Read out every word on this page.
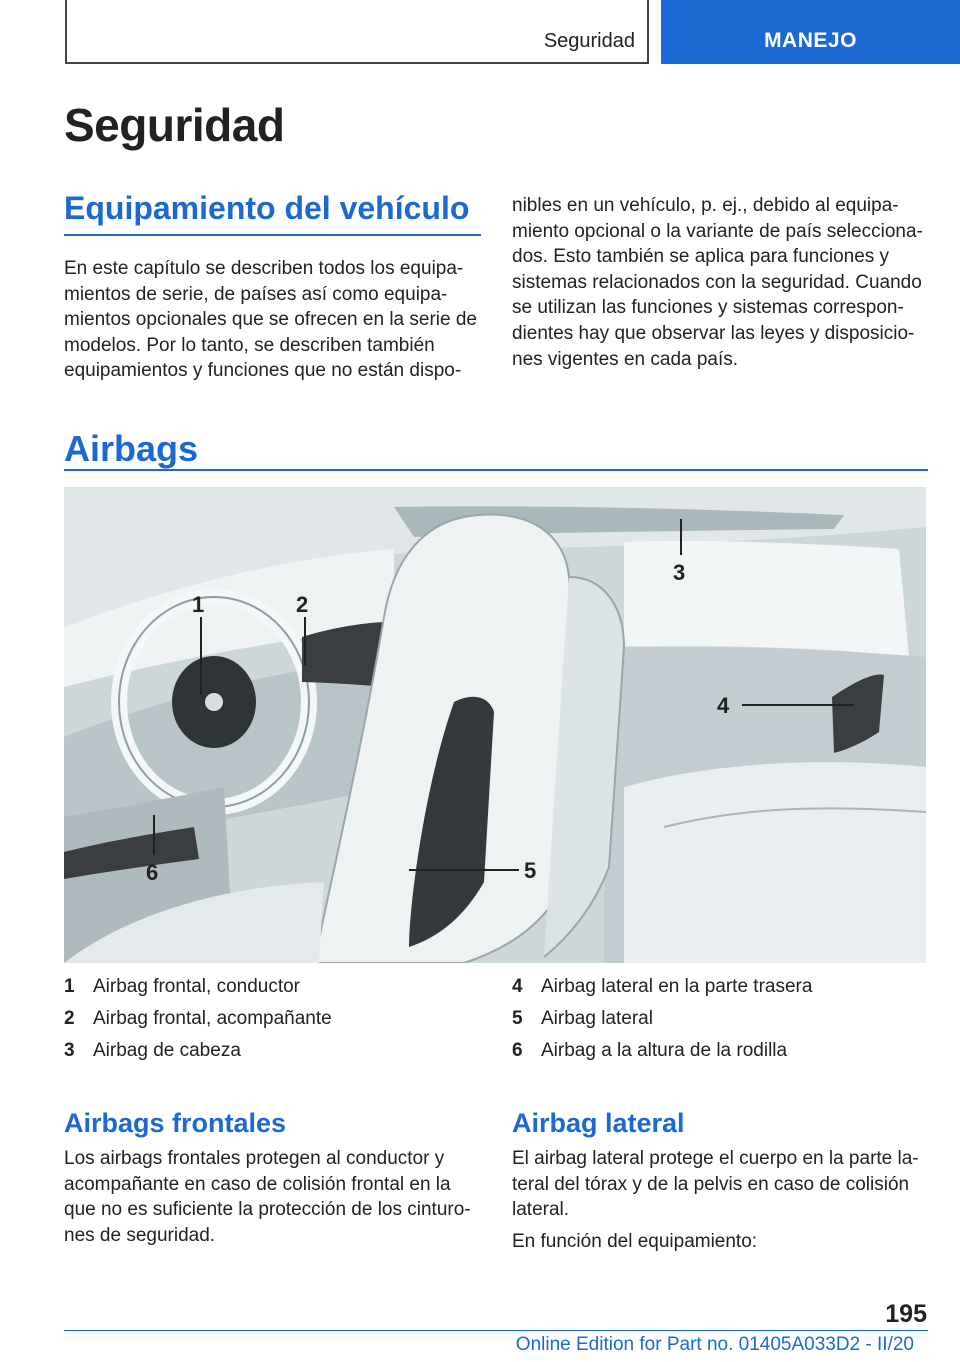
Seguridad	MANEJO
Seguridad
Equipamiento del vehículo

En este capítulo se describen todos los equipa-
mientos de serie, de países así como equipa-
mientos opcionales que se ofrecen en la serie de
modelos. Por lo tanto, se describen también
equipamientos y funciones que no están dispo-

nibles en un vehículo, p. ej., debido al equipa-
miento opcional o la variante de país selecciona-
dos. Esto también se aplica para funciones y
sistemas relacionados con la seguridad. Cuando
se utilizan las funciones y sistemas correspon-
dientes hay que observar las leyes y disposicio-
nes vigentes en cada país.

Airbags
1	2
3
4
5
6
1 Airbag frontal, conductor
2 Airbag frontal, acompañante
3 Airbag de cabeza
4 Airbag lateral en la parte trasera
5 Airbag lateral
6 Airbag a la altura de la rodilla
Airbags frontales

Los airbags frontales protegen al conductor y
acompañante en caso de colisión frontal en la
que no es suficiente la protección de los cinturo-
nes de seguridad.

Airbag lateral

El airbag lateral protege el cuerpo en la parte la-
teral del tórax y de la pelvis en caso de colisión
lateral.

En función del equipamiento:

195
Online Edition for Part no. 01405A033D2 - II/20
